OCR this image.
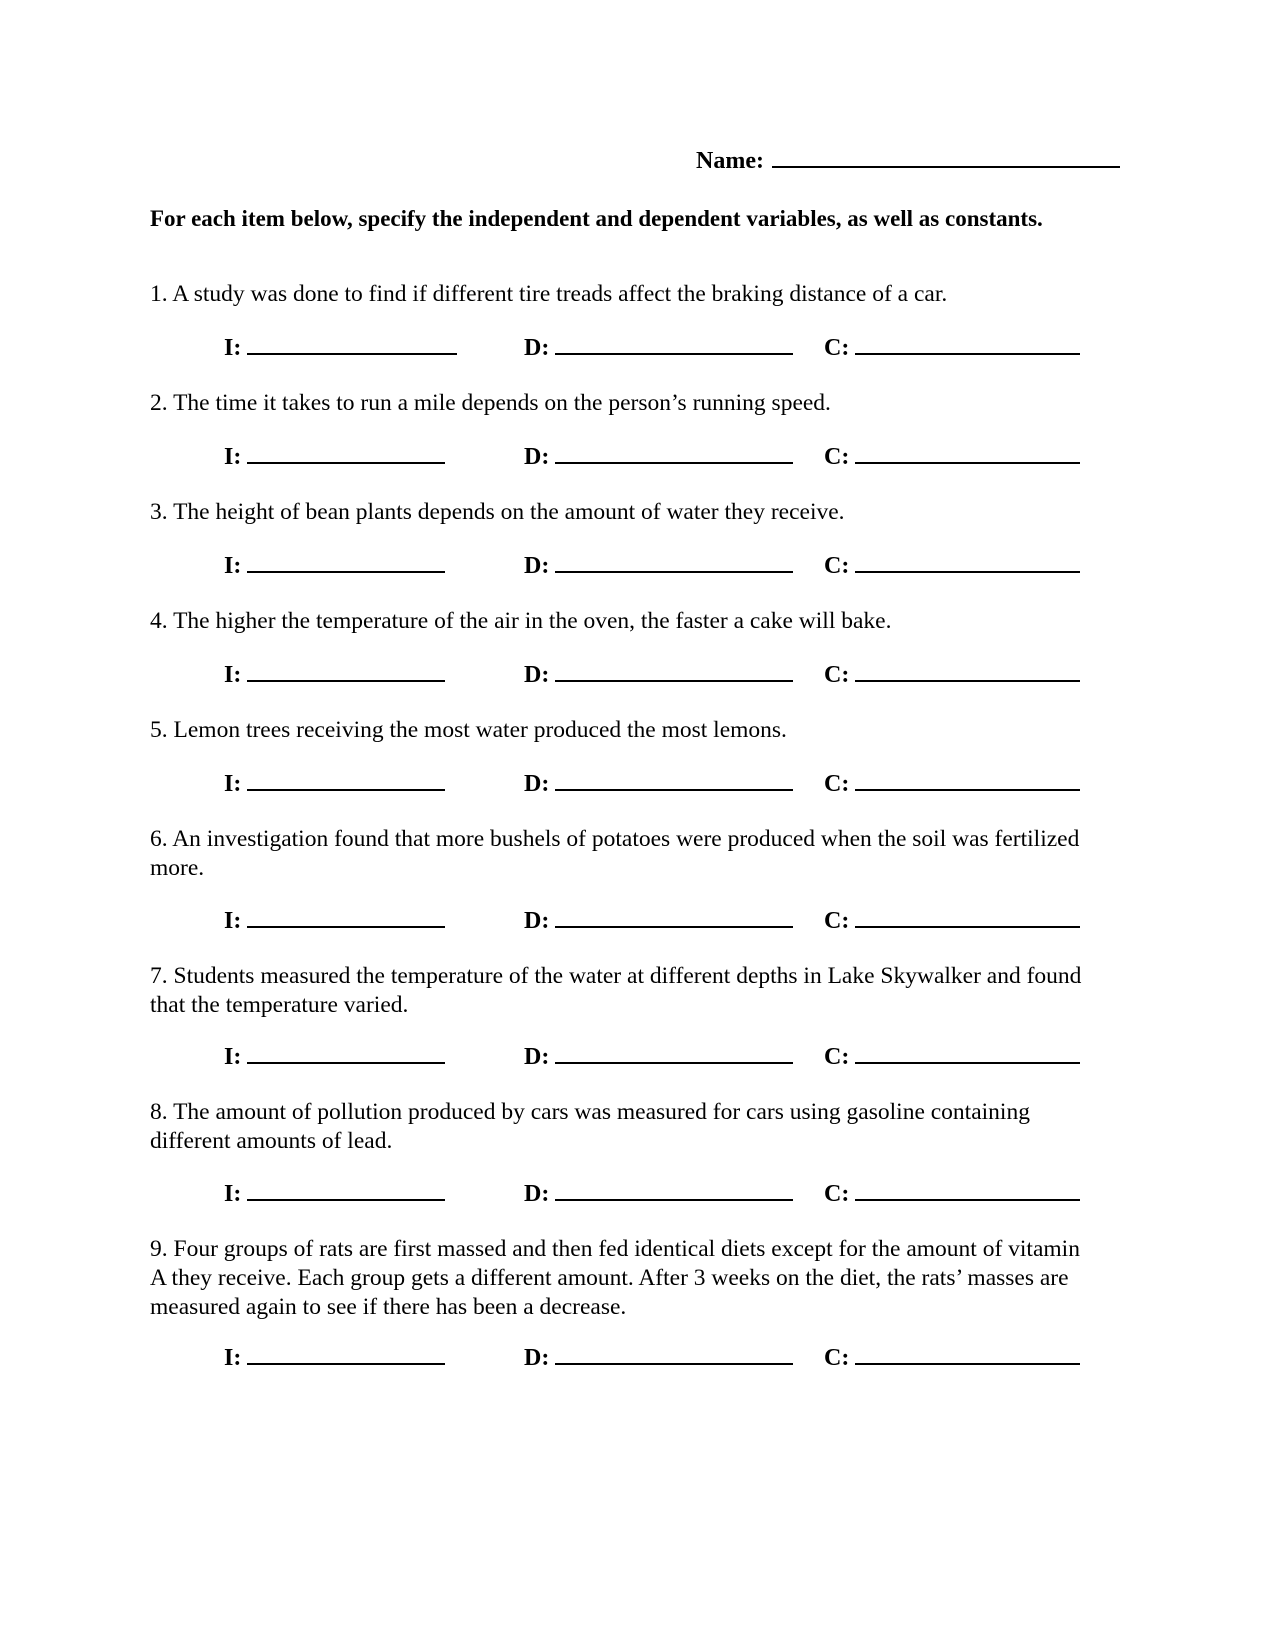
Name:
For each item below, specify the independent and dependent variables, as well as constants.
1. A study was done to find if different tire treads affect the braking distance of a car.
I:	D:	C:
2. The time it takes to run a mile depends on the person’s running speed.
I:	D:	C:
3. The height of bean plants depends on the amount of water they receive.
I:	D:	C:
4. The higher the temperature of the air in the oven, the faster a cake will bake.
I:	D:	C:
5. Lemon trees receiving the most water produced the most lemons.
I:	D:	C:
6. An investigation found that more bushels of potatoes were produced when the soil was fertilized more.
I:	D:	C:
7. Students measured the temperature of the water at different depths in Lake Skywalker and found that the temperature varied.
I:	D:	C:
8. The amount of pollution produced by cars was measured for cars using gasoline containing different amounts of lead.
I:	D:	C:
9. Four groups of rats are first massed and then fed identical diets except for the amount of vitamin A they receive. Each group gets a different amount. After 3 weeks on the diet, the rats’ masses are measured again to see if there has been a decrease.
I:	D:	C:
